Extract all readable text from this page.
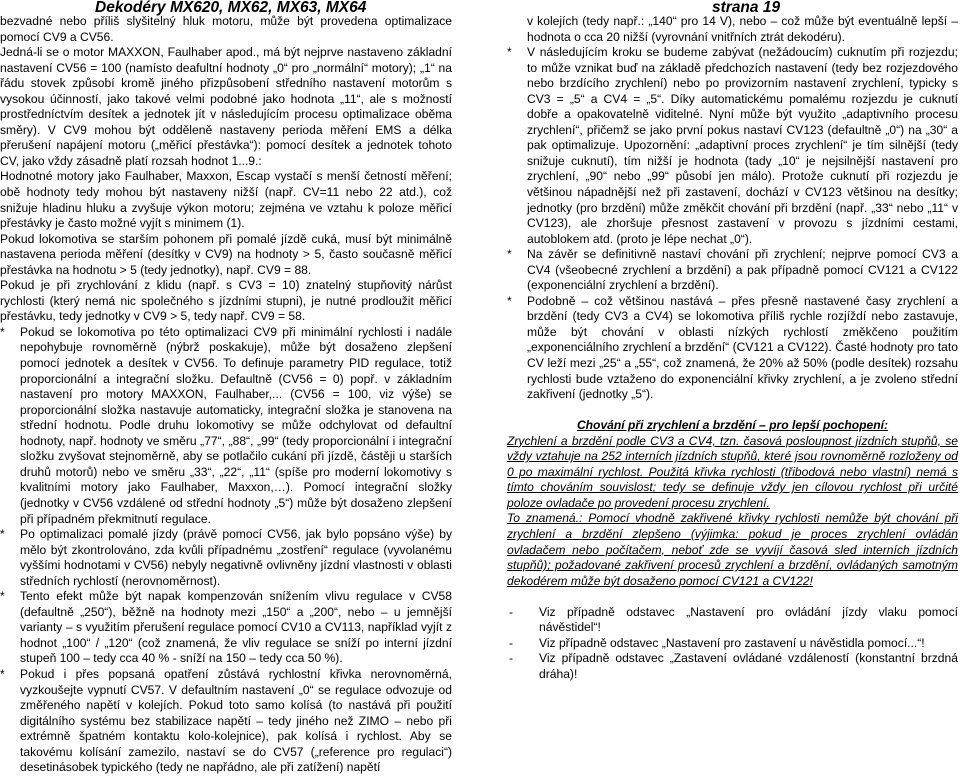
Dekodéry MX620, MX62, MX63, MX64	strana 19

bezvadné nebo příliš slyšitelný hluk motoru, může být provedena optimalizace pomocí CV9 a CV56.

Jedná-li se o motor MAXXON, Faulhaber apod., má být nejprve nastaveno základní nastavení CV56 = 100 (namísto deafultní hodnoty „0“ pro „normální“ motory); „1“ na řádu stovek způsobí kromě jiného přizpůsobení středního nastavení motorům s vysokou účinností, jako takové velmi podobné jako hodnota „11“, ale s možností prostředníctvím desítek a jednotek jít v následujícím procesu optimalizace oběma směry). V CV9 mohou být odděleně nastaveny perioda měření EMS a délka přerušení napájení motoru („měřicí přestávka“): pomocí desítek a jednotek tohoto CV, jako vždy zásadně platí rozsah hodnot 1...9.:

Hodnotné motory jako Faulhaber, Maxxon, Escap vystačí s menší četností měření; obě hodnoty tedy mohou být nastaveny nižší (např. CV=11 nebo 22 atd.), což snižuje hladinu hluku a zvyšuje výkon motoru; zejména ve vztahu k poloze měřicí přestávky je často možné vyjít s minimem (1).

Pokud lokomotiva se starším pohonem při pomalé jízdě cuká, musí být minimálně nastavena perioda měření (desítky v CV9) na hodnoty > 5, často současně měřicí přestávka na hodnotu > 5 (tedy jednotky), např. CV9 = 88.

Pokud je při zrychlování z klidu (např. s CV3 = 10) znatelný stupňovitý nárůst rychlosti (který nemá nic společného s jízdními stupni), je nutné prodloužit měřicí přestávku, tedy jednotky v CV9 > 5, tedy např. CV9 = 58.

* Pokud se lokomotiva po této optimalizaci CV9 při minimální rychlosti i nadále nepohybuje rovnoměrně (nýbrž poskakuje), může být dosaženo zlepšení pomocí jednotek a desítek v CV56. To definuje parametry PID regulace, totiž proporcionální a integrační složku. Defaultně (CV56 = 0) popř. v základním nastavení pro motory MAXXON, Faulhaber,... (CV56 = 100, viz výše) se proporcionální složka nastavuje automaticky, integrační složka je stanovena na střední hodnotu. Podle druhu lokomotivy se může odchylovat od defaultní hodnoty, např. hodnoty ve směru „77“, „88“, „99“ (tedy proporcionální i integrační složku zvyšovat stejnoměrně, aby se potlačilo cukání při jízdě, částěji u starších druhů motorů) nebo ve směru „33“, „22“, „11“ (spíše pro moderní lokomotivy s kvalitními motory jako Faulhaber, Maxxon,…). Pomocí integrační složky (jednotky v CV56 vzdálené od střední hodnoty „5“) může být dosaženo zlepšení při případném překmitnutí regulace.
* Po optimalizaci pomalé jízdy (právě pomocí CV56, jak bylo popsáno výše) by mělo být zkontrolováno, zda kvůli případnému „zostření“ regulace (vyvolanému vyššími hodnotami v CV56) nebyly negativně ovlivněny jízdní vlastnosti v oblasti středních rychlostí (nerovnoměrnost).
* Tento efekt může být napak kompenzován snížením vlivu regulace v CV58 (defaultně „250“), běžně na hodnoty mezi „150“ a „200“, nebo – u jemnější varianty – s využitím přerušení regulace pomocí CV10 a CV113, například vyjít z hodnot „100“ / „120“ (což znamená, že vliv regulace se sníží po interní jízdní stupeň 100 – tedy cca 40 % - sníží na 150 – tedy cca 50 %).
* Pokud i přes popsaná opatření zůstává rychlostní křivka nerovnoměrná, vyzkoušejte vypnutí CV57. V defaultním nastavení „0“ se regulace odvozuje od změřeného napětí v kolejích. Pokud toto samo kolísá (to nastává při použití digitálního systému bez stabilizace napětí – tedy jiného než ZIMO – nebo při extrémně špatném kontaktu kolo-kolejnice), pak kolísá i rychlost. Aby se takovému kolísání zamezilo, nastaví se do CV57 („reference pro regulaci“) desetinásobek typického (tedy ne napřádno, ale při zatížení) napětí
v kolejích (tedy např.: „140“ pro 14 V), nebo – což může být eventuálně lepší – hodnota o cca 20 nižší (vyrovnání vnitřních ztrát dekodéru).
* V následujícím kroku se budeme zabývat (nežádoucím) cuknutím při rozjezdu; to může vznikat buď na základě předchozích nastavení (tedy bez rozjezdového nebo brzdícího zrychlení) nebo po provizorním nastavení zrychlení, typicky s CV3 = „5“ a CV4 = „5“. Díky automatickému pomalému rozjezdu je cuknutí dobře a opakovatelně viditelné. Nyní může být využito „adaptivního procesu zrychlení“, přičemž se jako první pokus nastaví CV123 (defaultně „0“) na „30“ a pak optimalizuje. Upozornění: „adaptivní proces zrychlení“ je tím silnější (tedy snižuje cuknutí), tím nižší je hodnota (tady „10“ je nejsilnější nastavení pro zrychlení, „90“ nebo „99“ působí jen málo). Protože cuknutí při rozjezdu je většinou nápadnější než při zastavení, dochází v CV123 většinou na desítky; jednotky (pro brzdění) může změkčit chování při brzdění (např. „33“ nebo „11“ v CV123), ale zhoršuje přesnost zastavení v provozu s jízdními cestami, autoblokem atd. (proto je lépe nechat „0“).
* Na závěr se definitivně nastaví chování při zrychlení; nejprve pomocí CV3 a CV4 (všeobecné zrychlení a brzdění) a pak případně pomocí CV121 a CV122 (exponenciální zrychlení a brzdění).
* Podobně – což většinou nastává – přes přesně nastavené časy zrychlení a brzdění (tedy CV3 a CV4) se lokomotiva příliš rychle rozjíždí nebo zastavuje, může být chování v oblasti nízkých rychlostí změkčeno použitím „exponenciálního zrychlení a brzdění“ (CV121 a CV122). Časté hodnoty pro tato CV leží mezi „25“ a „55“, což znamená, že 20% až 50% (podle desítek) rozsahu rychlosti bude vztaženo do exponenciální křivky zrychlení, a je zvoleno střední zakřivení (jednotky „5“).
Chování při zrychlení a brzdění – pro lepší pochopení:

Zrychlení a brzdění podle CV3 a CV4, tzn. časová posloupnost jízdních stupňů, se vždy vztahuje na 252 interních jízdních stupňů, které jsou rovnoměrně rozloženy od 0 po maximální rychlost. Použitá křivka rychlosti (třibodová nebo vlastní) nemá s tímto chováním souvislost; tedy se definuje vždy jen cílovou rychlost při určité poloze ovladače po provedení procesu zrychlení.

To znamená.: Pomocí vhodně zakřivené křivky rychlosti nemůže být chování při zrychlení a brzdění zlepšeno (výjimka: pokud je proces zrychlení ovládán ovladačem nebo počítačem, neboť zde se vyvíjí časová sled interních jízdních stupňů); požadované zakřivení procesů zrychlení a brzdění, ovládaných samotným dekodérem může být dosaženo pomocí CV121 a CV122!

- Viz případně odstavec „Nastavení pro ovládání jízdy vlaku pomocí návěstidel“!
- Viz případně odstavec „Nastavení pro zastavení u návěstidla pomocí...“!
- Viz případně odstavec „Zastavení ovládané vzdáleností (konstantní brzdná dráha)!
